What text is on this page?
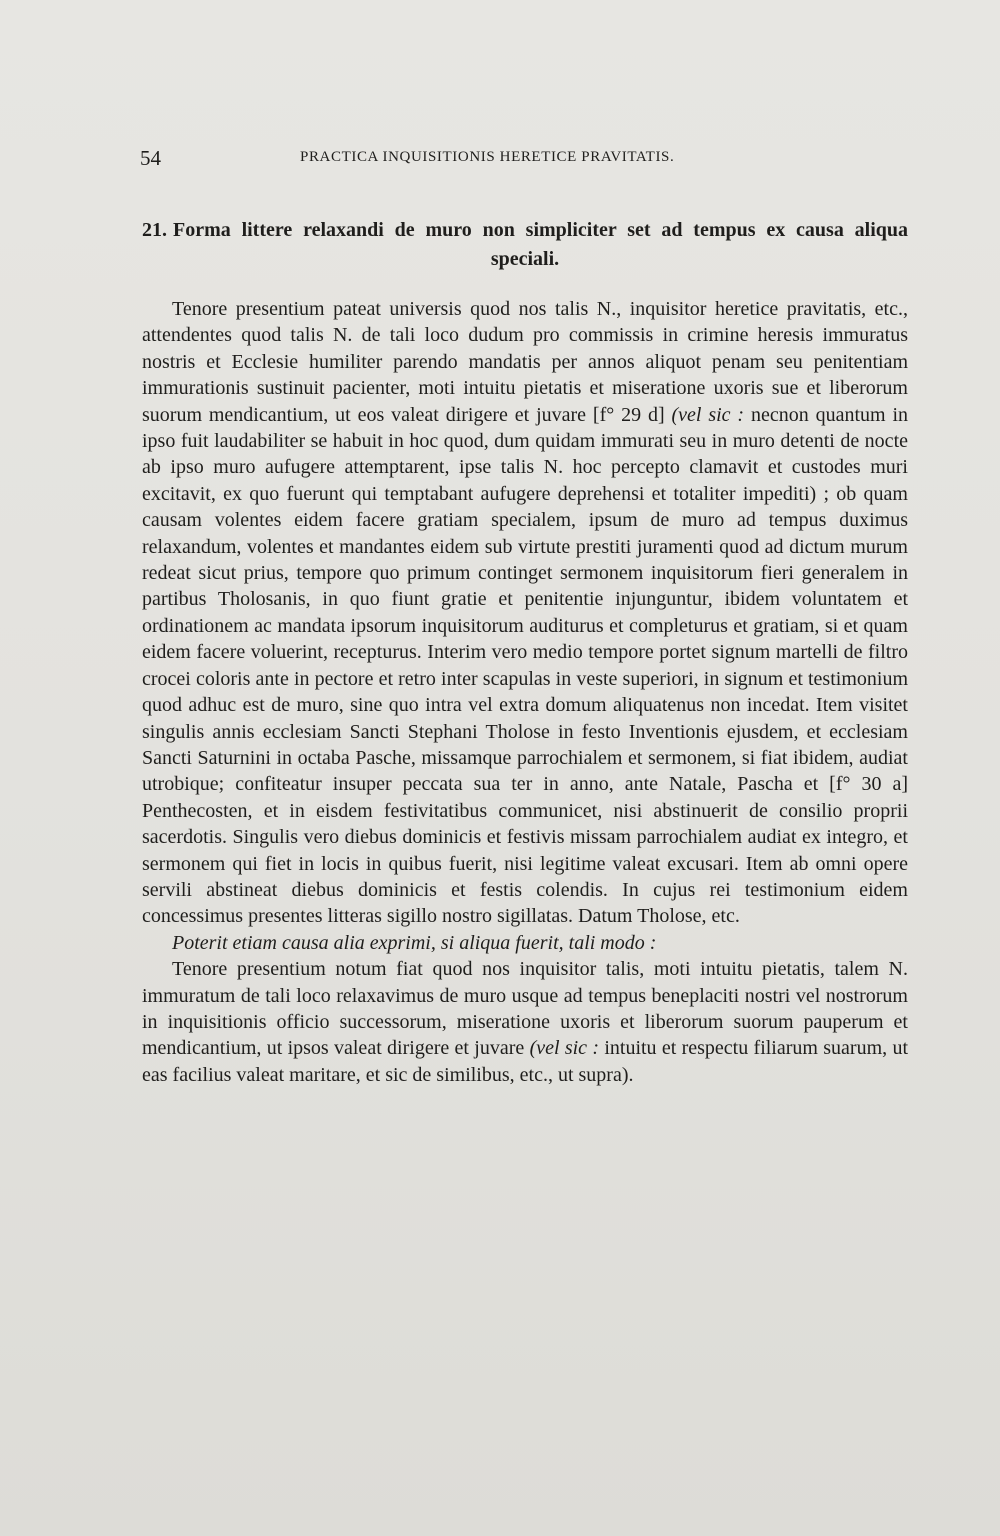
54	PRACTICA INQUISITIONIS HERETICE PRAVITATIS.
21. Forma littere relaxandi de muro non simpliciter set ad tempus ex causa aliqua speciali.

Tenore presentium pateat universis quod nos talis N., inquisitor heretice pravitatis, etc., attendentes quod talis N. de tali loco dudum pro commissis in crimine heresis immuratus nostris et Ecclesie humiliter parendo mandatis per annos aliquot penam seu penitentiam immurationis sustinuit pacienter, moti intuitu pietatis et miseratione uxoris sue et liberorum suorum mendicantium, ut eos valeat dirigere et juvare [f° 29 d] (vel sic : necnon quantum in ipso fuit laudabiliter se habuit in hoc quod, dum quidam immurati seu in muro detenti de nocte ab ipso muro aufugere attemptarent, ipse talis N. hoc percepto clamavit et custodes muri excitavit, ex quo fuerunt qui temptabant aufugere deprehensi et totaliter impediti) ; ob quam causam volentes eidem facere gratiam specialem, ipsum de muro ad tempus duximus relaxandum, volentes et mandantes eidem sub virtute prestiti juramenti quod ad dictum murum redeat sicut prius, tempore quo primum continget sermonem inquisitorum fieri generalem in partibus Tholosanis, in quo fiunt gratie et penitentie injunguntur, ibidem voluntatem et ordinationem ac mandata ipsorum inquisitorum auditurus et completurus et gratiam, si et quam eidem facere voluerint, recepturus. Interim vero medio tempore portet signum martelli de filtro crocei coloris ante in pectore et retro inter scapulas in veste superiori, in signum et testimonium quod adhuc est de muro, sine quo intra vel extra domum aliquatenus non incedat. Item visitet singulis annis ecclesiam Sancti Stephani Tholose in festo Inventionis ejusdem, et ecclesiam Sancti Saturnini in octaba Pasche, missamque parrochialem et sermonem, si fiat ibidem, audiat utrobique; confiteatur insuper peccata sua ter in anno, ante Natale, Pascha et [f° 30 a] Penthecosten, et in eisdem festivitatibus communicet, nisi abstinuerit de consilio proprii sacerdotis. Singulis vero diebus dominicis et festivis missam parrochialem audiat ex integro, et sermonem qui fiet in locis in quibus fuerit, nisi legitime valeat excusari. Item ab omni opere servili abstineat diebus dominicis et festis colendis. In cujus rei testimonium eidem concessimus presentes litteras sigillo nostro sigillatas. Datum Tholose, etc.

Poterit etiam causa alia exprimi, si aliqua fuerit, tali modo :

Tenore presentium notum fiat quod nos inquisitor talis, moti intuitu pietatis, talem N. immuratum de tali loco relaxavimus de muro usque ad tempus beneplaciti nostri vel nostrorum in inquisitionis officio successorum, miseratione uxoris et liberorum suorum pauperum et mendicantium, ut ipsos valeat dirigere et juvare (vel sic : intuitu et respectu filiarum suarum, ut eas facilius valeat maritare, et sic de similibus, etc., ut supra).
